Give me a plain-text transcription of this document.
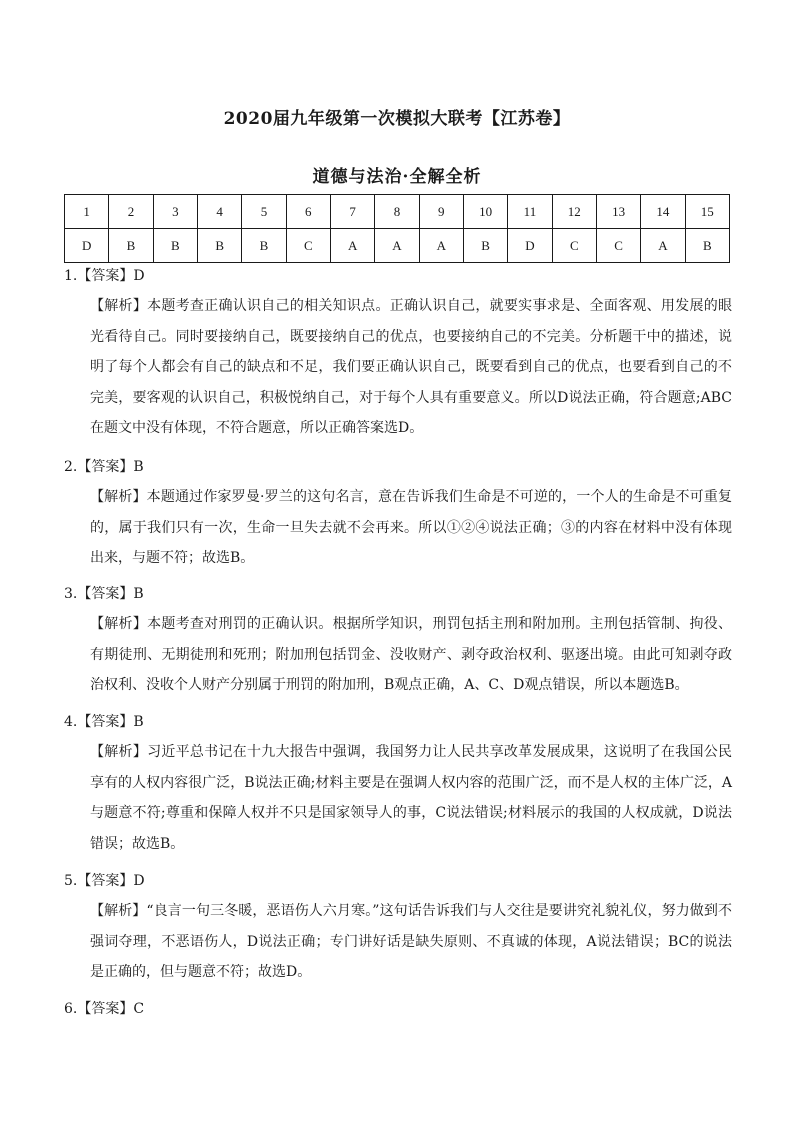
2020届九年级第一次模拟大联考【江苏卷】
道德与法治·全解全析
1	2	3	4	5	6	7	8	9	10	11	12	13	14	15
D	B	B	B	B	C	A	A	A	B	D	C	C	A	B
1.【答案】D
【解析】本题考查正确认识自己的相关知识点。正确认识自己，就要实事求是、全面客观、用发展的眼光看待自己。同时要接纳自己，既要接纳自己的优点，也要接纳自己的不完美。分析题干中的描述，说明了每个人都会有自己的缺点和不足，我们要正确认识自己，既要看到自己的优点，也要看到自己的不完美，要客观的认识自己，积极悦纳自己，对于每个人具有重要意义。所以D说法正确，符合题意;ABC在题文中没有体现，不符合题意，所以正确答案选D。
2.【答案】B
【解析】本题通过作家罗曼·罗兰的这句名言，意在告诉我们生命是不可逆的，一个人的生命是不可重复的，属于我们只有一次，生命一旦失去就不会再来。所以①②④说法正确；③的内容在材料中没有体现出来，与题不符；故选B。
3.【答案】B
【解析】本题考查对刑罚的正确认识。根据所学知识，刑罚包括主刑和附加刑。主刑包括管制、拘役、有期徒刑、无期徒刑和死刑；附加刑包括罚金、没收财产、剥夺政治权利、驱逐出境。由此可知剥夺政治权利、没收个人财产分别属于刑罚的附加刑，B观点正确，A、C、D观点错误，所以本题选B。
4.【答案】B
【解析】习近平总书记在十九大报告中强调，我国努力让人民共享改革发展成果，这说明了在我国公民享有的人权内容很广泛，B说法正确;材料主要是在强调人权内容的范围广泛，而不是人权的主体广泛，A与题意不符;尊重和保障人权并不只是国家领导人的事，C说法错误;材料展示的我国的人权成就，D说法错误；故选B。
5.【答案】D
【解析】“良言一句三冬暖，恶语伤人六月寒。”这句话告诉我们与人交往是要讲究礼貌礼仪，努力做到不强词夺理，不恶语伤人，D说法正确；专门讲好话是缺失原则、不真诚的体现，A说法错误；BC的说法是正确的，但与题意不符；故选D。
6.【答案】C
